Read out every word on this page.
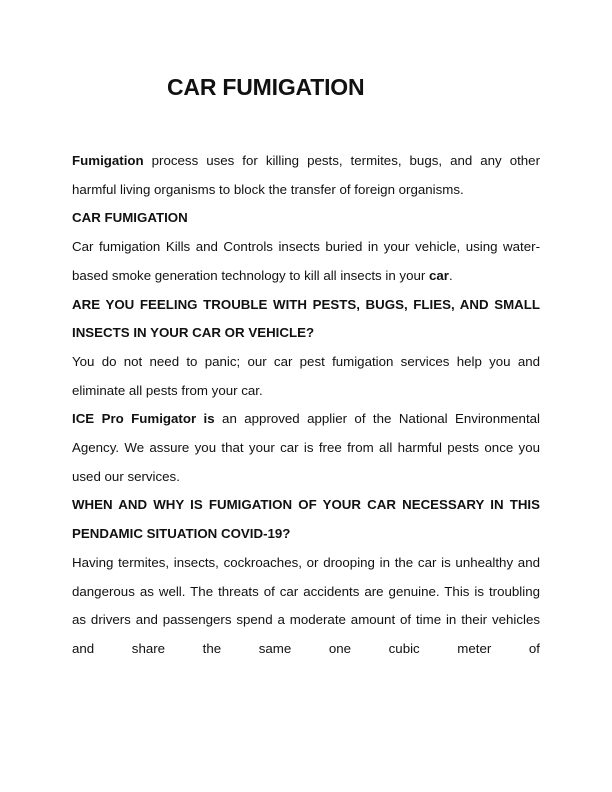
CAR FUMIGATION

Fumigation process uses for killing pests, termites, bugs, and any other harmful living organisms to block the transfer of foreign organisms.

CAR FUMIGATION

Car fumigation Kills and Controls insects buried in your vehicle, using water-based smoke generation technology to kill all insects in your car.

ARE YOU FEELING TROUBLE WITH PESTS, BUGS, FLIES, AND SMALL INSECTS IN YOUR CAR OR VEHICLE?

You do not need to panic; our car pest fumigation services help you and eliminate all pests from your car.

ICE Pro Fumigator is an approved applier of the National Environmental Agency. We assure you that your car is free from all harmful pests once you used our services.

WHEN AND WHY IS FUMIGATION OF YOUR CAR NECESSARY IN THIS PENDAMIC SITUATION COVID-19?

Having termites, insects, cockroaches, or drooping in the car is unhealthy and dangerous as well. The threats of car accidents are genuine. This is troubling as drivers and passengers spend a moderate amount of time in their vehicles and share the same one cubic meter of
